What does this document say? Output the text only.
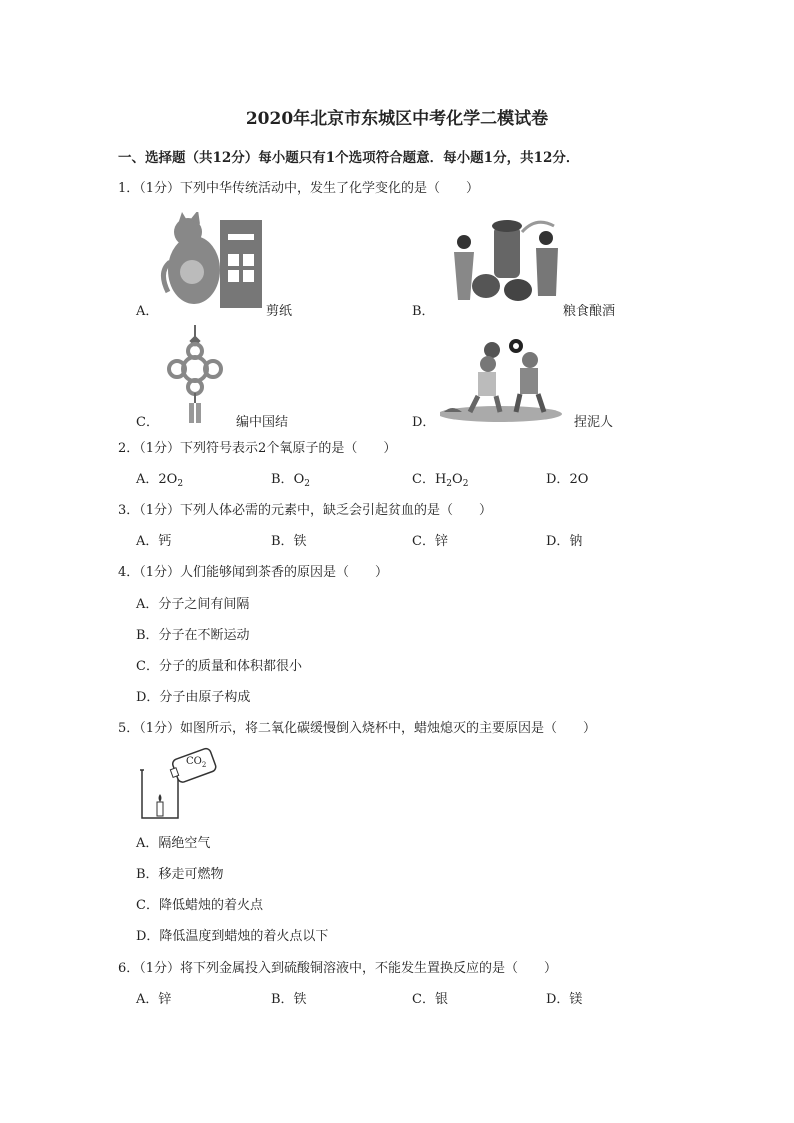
2020年北京市东城区中考化学二模试卷
一、选择题（共12分）每小题只有1个选项符合题意．每小题1分，共12分．
1．（1分）下列中华传统活动中，发生了化学变化的是（　　）
A．	剪纸	B．	粮食酿酒
C．	编中国结	D．	捏泥人
2．（1分）下列符号表示2个氧原子的是（　　）
A．$2O_2$	B．$O_2$	C．$H_2O_2$	D．2O
3．（1分）下列人体必需的元素中，缺乏会引起贫血的是（　　）
A．钙	B．铁	C．锌	D．钠
4．（1分）人们能够闻到茶香的原因是（　　）
A．分子之间有间隔
B．分子在不断运动
C．分子的质量和体积都很小
D．分子由原子构成
5．（1分）如图所示，将二氧化碳缓慢倒入烧杯中，蜡烛熄灭的主要原因是（　　）
$CO_2$
A．隔绝空气
B．移走可燃物
C．降低蜡烛的着火点
D．降低温度到蜡烛的着火点以下
6．（1分）将下列金属投入到硫酸铜溶液中，不能发生置换反应的是（　　）
A．锌	B．铁	C．银	D．镁
